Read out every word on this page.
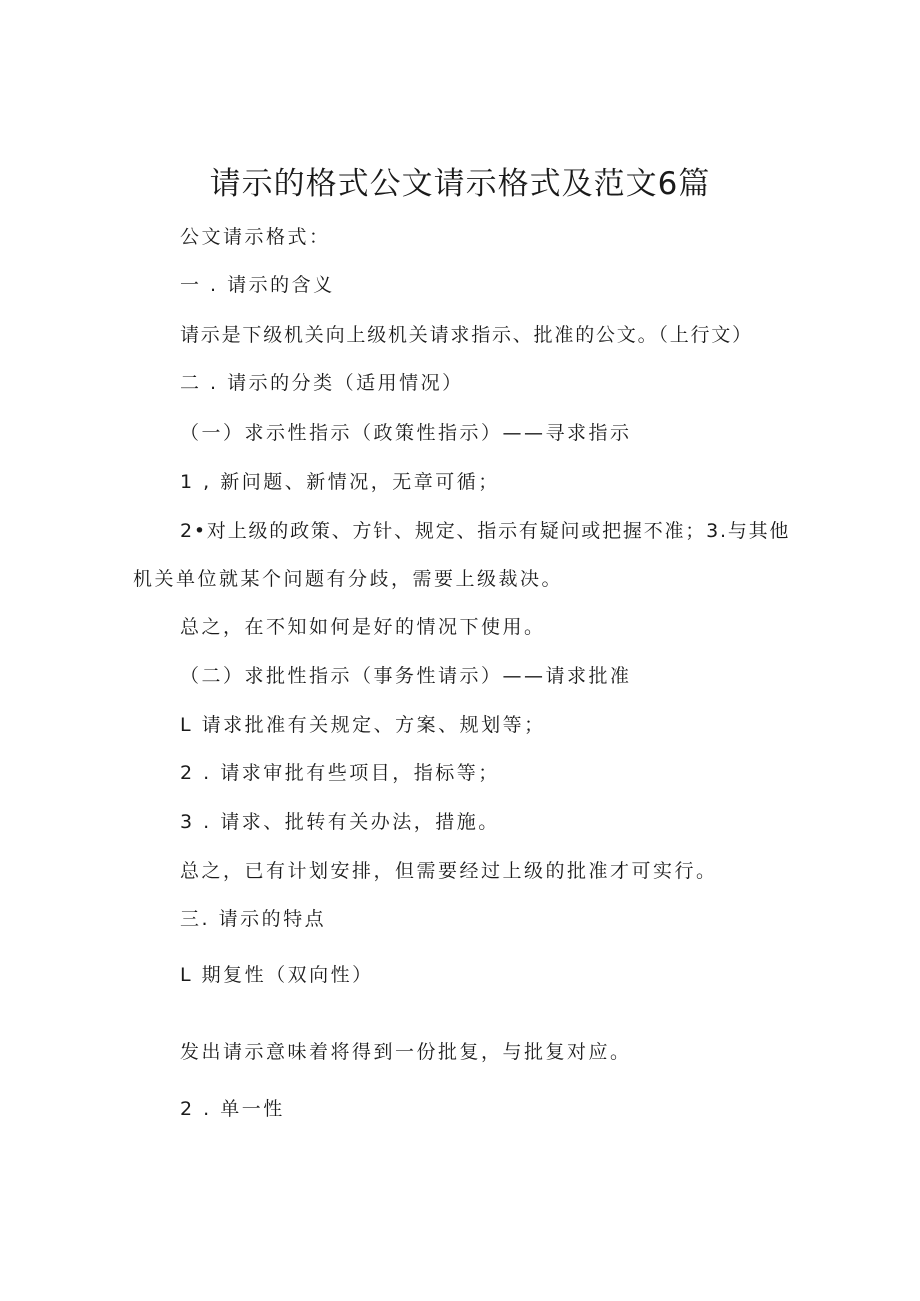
请示的格式公文请示格式及范文6篇
公文请示格式：
一 . 请示的含义
请示是下级机关向上级机关请求指示、批准的公文。（上行文）
二 . 请示的分类（适用情况）
（一）求示性指示（政策性指示）——寻求指示
1 , 新问题、新情况，无章可循；
2•对上级的政策、方针、规定、指示有疑问或把握不准；3.与其他
机关单位就某个问题有分歧，需要上级裁决。
总之，在不知如何是好的情况下使用。
（二）求批性指示（事务性请示）——请求批准
L 请求批准有关规定、方案、规划等；
2 . 请求审批有些项目，指标等；
3 . 请求、批转有关办法，措施。
总之，已有计划安排，但需要经过上级的批准才可实行。
三. 请示的特点
L 期复性（双向性）
发出请示意味着将得到一份批复，与批复对应。
2 . 单一性
